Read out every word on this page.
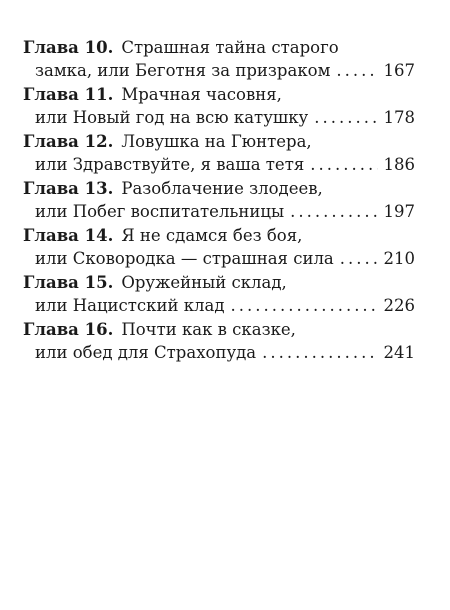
Глава 10. Страшная тайна старого
замка, или Беготня за призраком .....	167
Глава 11. Мрачная часовня,
или Новый год на всю катушку .....	178
Глава 12. Ловушка на Гюнтера,
или Здравствуйте, я ваша тетя .....	186
Глава 13. Разоблачение злодеев,
или Побег воспитательницы .....	197
Глава 14. Я не сдамся без боя,
или Сковородка — страшная сила .....	210
Глава 15. Оружейный склад,
или Нацистский клад .....	226
Глава 16. Почти как в сказке,
или обед для Страхопуда .....	241
